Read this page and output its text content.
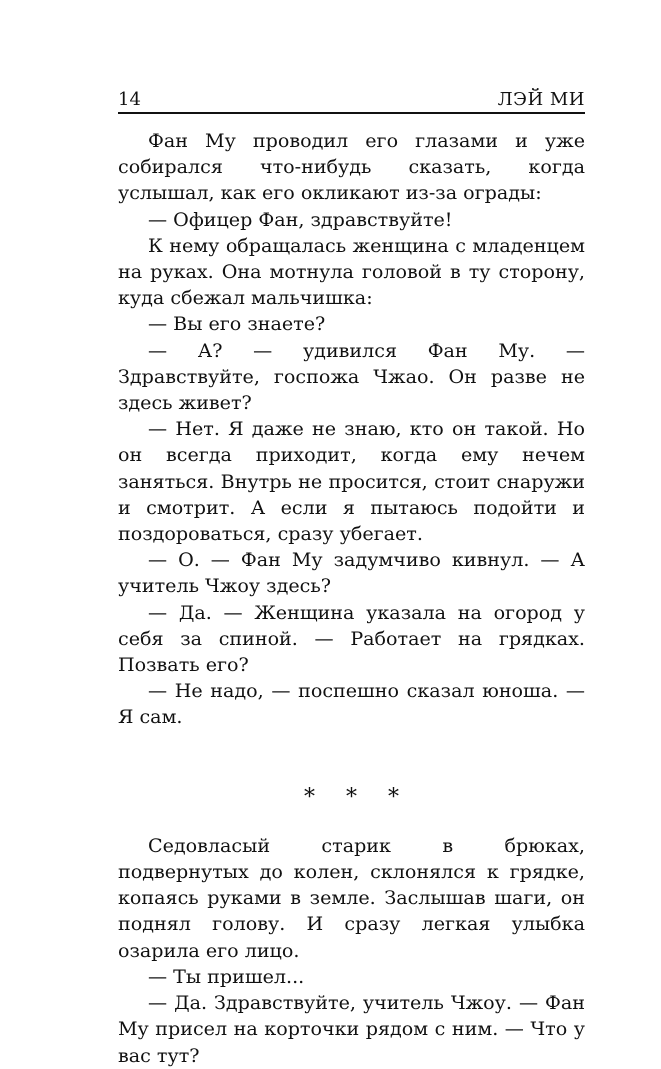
14	ЛЭЙ МИ

Фан Му проводил его глазами и уже собирался что-нибудь сказать, когда услышал, как его окликают из-за ограды:

— Офицер Фан, здравствуйте!

К нему обращалась женщина с младенцем на руках. Она мотнула головой в ту сторону, куда сбежал мальчишка:

— Вы его знаете?

— А? — удивился Фан Му. — Здравствуйте, госпожа Чжао. Он разве не здесь живет?

— Нет. Я даже не знаю, кто он такой. Но он всегда приходит, когда ему нечем заняться. Внутрь не просится, стоит снаружи и смотрит. А если я пытаюсь подойти и поздороваться, сразу убегает.

— О. — Фан Му задумчиво кивнул. — А учитель Чжоу здесь?

— Да. — Женщина указала на огород у себя за спиной. — Работает на грядках. Позвать его?

— Не надо, — поспешно сказал юноша. — Я сам.

* * *

Седовласый старик в брюках, подвернутых до колен, склонялся к грядке, копаясь руками в земле. Заслышав шаги, он поднял голову. И сразу легкая улыбка озарила его лицо.

— Ты пришел...

— Да. Здравствуйте, учитель Чжоу. — Фан Му присел на корточки рядом с ним. — Что у вас тут?
